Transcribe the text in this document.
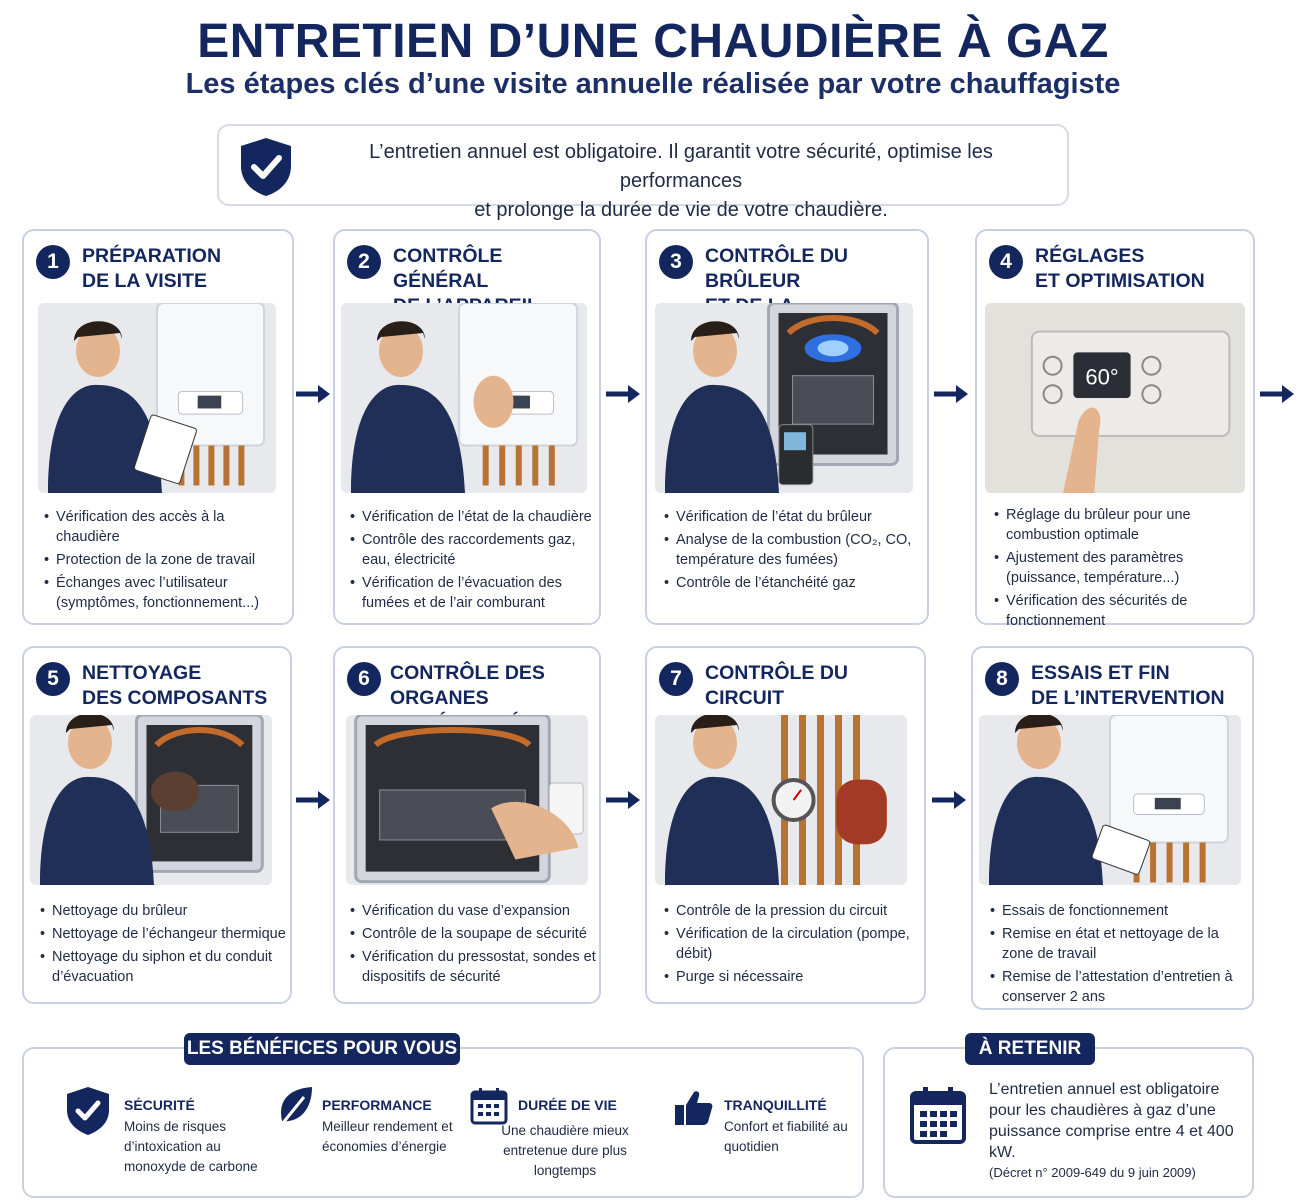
ENTRETIEN D’UNE CHAUDIÈRE À GAZ
Les étapes clés d’une visite annuelle réalisée par votre chauffagiste
L’entretien annuel est obligatoire. Il garantit votre sécurité, optimise les performances
et prolonge la durée de vie de votre chaudière.
1	PRÉPARATION
DE LA VISITE
• Vérification des accès à la chaudière
• Protection de la zone de travail
• Échanges avec l’utilisateur (symptômes, fonctionnement...)
2	CONTRÔLE GÉNÉRAL
• Vérification de l’état de la chaudière
• Contrôle des raccordements gaz, eau, électricité
• Vérification de l’évacuation des fumées et de l’air comburant
3	CONTRÔLE DU BRÛLEUR
• Vérification de l’état du brûleur
• Analyse de la combustion (CO₂, CO, température des fumées)
• Contrôle de l’étanchéité gaz
4	RÉGLAGES
ET OPTIMISATION
60°
• Réglage du brûleur pour une combustion optimale
• Ajustement des paramètres (puissance, température...)
• Vérification des sécurités de fonctionnement
5	NETTOYAGE
DES COMPOSANTS
• Nettoyage du brûleur
• Nettoyage de l’échangeur thermique
• Nettoyage du siphon et du conduit d’évacuation
6	CONTRÔLE DES ORGANES
• Vérification du vase d’expansion
• Contrôle de la soupape de sécurité
• Vérification du pressostat, sondes et dispositifs de sécurité
7	CONTRÔLE DU CIRCUIT
• Contrôle de la pression du circuit
• Vérification de la circulation (pompe, débit)
• Purge si nécessaire
8	ESSAIS ET FIN
DE L’INTERVENTION
• Essais de fonctionnement
• Remise en état et nettoyage de la zone de travail
• Remise de l’attestation d’entretien à conserver 2 ans
LES BÉNÉFICES POUR VOUS
SÉCURITÉ
Moins de risques d’intoxication au monoxyde de carbone
PERFORMANCE
Meilleur rendement et économies d’énergie
DURÉE DE VIE
Une chaudière mieux entretenue dure plus longtemps
TRANQUILLITÉ
Confort et fiabilité au quotidien
À RETENIR
L’entretien annuel est obligatoire pour les chaudières à gaz d’une puissance comprise entre 4 et 400 kW.
(Décret n° 2009-649 du 9 juin 2009)
